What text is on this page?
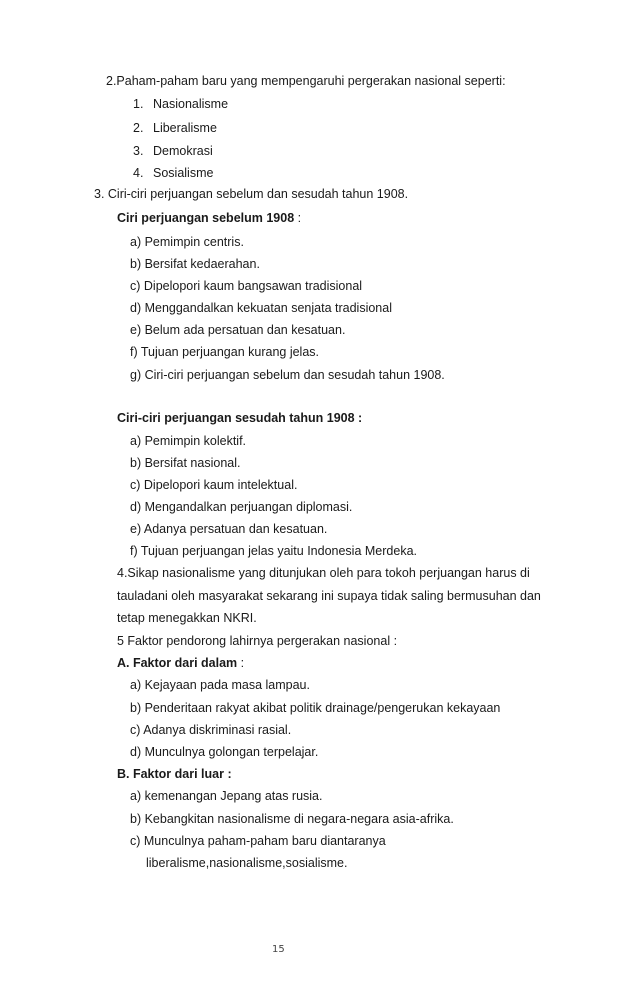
2.Paham-paham baru yang mempengaruhi pergerakan nasional seperti:
1. Nasionalisme
2. Liberalisme
3. Demokrasi
4. Sosialisme
3. Ciri-ciri perjuangan sebelum dan sesudah tahun 1908.
Ciri perjuangan sebelum 1908 :
a) Pemimpin centris.
b) Bersifat kedaerahan.
c) Dipelopori kaum bangsawan tradisional
d) Menggandalkan kekuatan senjata tradisional
e) Belum ada persatuan dan kesatuan.
f) Tujuan perjuangan kurang jelas.
g) Ciri-ciri perjuangan sebelum dan sesudah tahun 1908.
Ciri-ciri perjuangan sesudah tahun 1908 :
a) Pemimpin kolektif.
b) Bersifat nasional.
c) Dipelopori kaum intelektual.
d) Mengandalkan perjuangan diplomasi.
e) Adanya persatuan dan kesatuan.
f) Tujuan perjuangan jelas yaitu Indonesia Merdeka.
4.Sikap nasionalisme yang ditunjukan oleh para tokoh perjuangan harus di
tauladani oleh masyarakat sekarang ini supaya tidak saling bermusuhan dan
tetap menegakkan NKRI.
5 Faktor pendorong lahirnya pergerakan nasional :
A. Faktor dari dalam :
a) Kejayaan pada masa lampau.
b) Penderitaan rakyat akibat politik drainage/pengerukan kekayaan
c) Adanya diskriminasi rasial.
d) Munculnya golongan terpelajar.
B. Faktor dari luar :
a) kemenangan Jepang atas rusia.
b) Kebangkitan nasionalisme di negara-negara asia-afrika.
c) Munculnya paham-paham baru diantaranya
liberalisme,nasionalisme,sosialisme.
15
